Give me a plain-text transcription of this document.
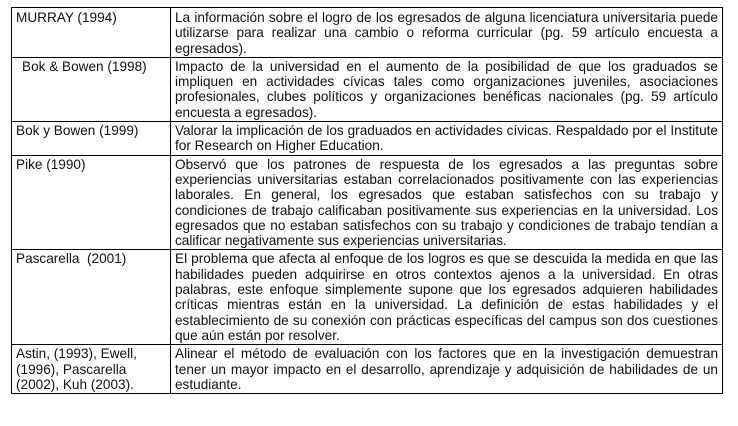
MURRAY (1994)	La información sobre el logro de los egresados de alguna licenciatura universitaria puede utilizarse para realizar una cambio o reforma curricular (pg. 59 artículo encuesta a egresados).
Bok & Bowen (1998)	Impacto de la universidad en el aumento de la posibilidad de que los graduados se impliquen en actividades cívicas tales como organizaciones juveniles, asociaciones profesionales, clubes políticos y organizaciones benéficas nacionales (pg. 59 artículo encuesta a egresados).
Bok y Bowen (1999)	Valorar la implicación de los graduados en actividades cívicas. Respaldado por el Institute for Research on Higher Education.
Pike (1990)	Observó que los patrones de respuesta de los egresados a las preguntas sobre experiencias universitarias estaban correlacionados positivamente con las experiencias laborales. En general, los egresados que estaban satisfechos con su trabajo y condiciones de trabajo calificaban positivamente sus experiencias en la universidad. Los egresados que no estaban satisfechos con su trabajo y condiciones de trabajo tendían a calificar negativamente sus experiencias universitarias.
Pascarella  (2001)	El problema que afecta al enfoque de los logros es que se descuida la medida en que las habilidades pueden adquirirse en otros contextos ajenos a la universidad. En otras palabras, este enfoque simplemente supone que los egresados adquieren habilidades críticas mientras están en la universidad. La definición de estas habilidades y el establecimiento de su conexión con prácticas específicas del campus son dos cuestiones que aún están por resolver.
Astin, (1993), Ewell, (1996), Pascarella (2002), Kuh (2003).	Alinear el método de evaluación con los factores que en la investigación demuestran tener un mayor impacto en el desarrollo, aprendizaje y adquisición de habilidades de un estudiante.
